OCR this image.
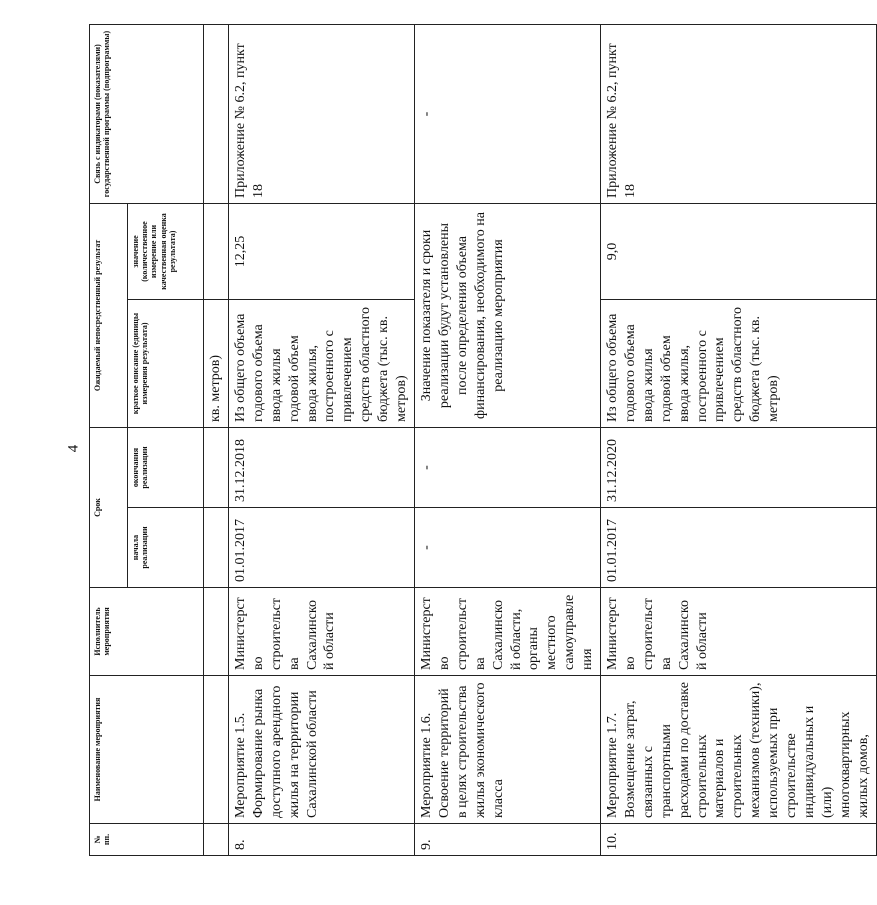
4
№ пп.	Наименование мероприятия	Исполнитель мероприятия	Срок		Ожидаемый непосредственный результат		Связь с индикаторами (показателями) государственной программы (подпрограммы)
			начала реализации	окончания реализации	краткое описание (единицы измерения результата)	значение (количественное измерение или качественная оценка результата)	
					кв. метров)		
8.	Мероприятие 1.5. Формирование рынка доступного арендного жилья на территории Сахалинской области	Министерство строительства Сахалинской области	01.01.2017	31.12.2018	Из общего объема годового объема ввода жилья годовой объем ввода жилья, построенного с привлечением средств областного бюджета (тыс. кв. метров)	12,25	Приложение № 6.2, пункт 18
9.	Мероприятие 1.6. Освоение территорий в целях строительства жилья экономического класса	Министерство строительства Сахалинской области, органы местного самоуправления	-	-	Значение показателя и сроки реализации будут установлены после определения объема финансирования, необходимого на реализацию мероприятия		-
10.	Мероприятие 1.7. Возмещение затрат, связанных с транспортными расходами по доставке строительных материалов и строительных механизмов (техники), используемых при строительстве индивидуальных и (или) многоквартирных жилых домов,	Министерство строительства Сахалинской области	01.01.2017	31.12.2020	Из общего объема годового объема ввода жилья годовой объем ввода жилья, построенного с привлечением средств областного бюджета (тыс. кв. метров)	9,0	Приложение № 6.2, пункт 18
